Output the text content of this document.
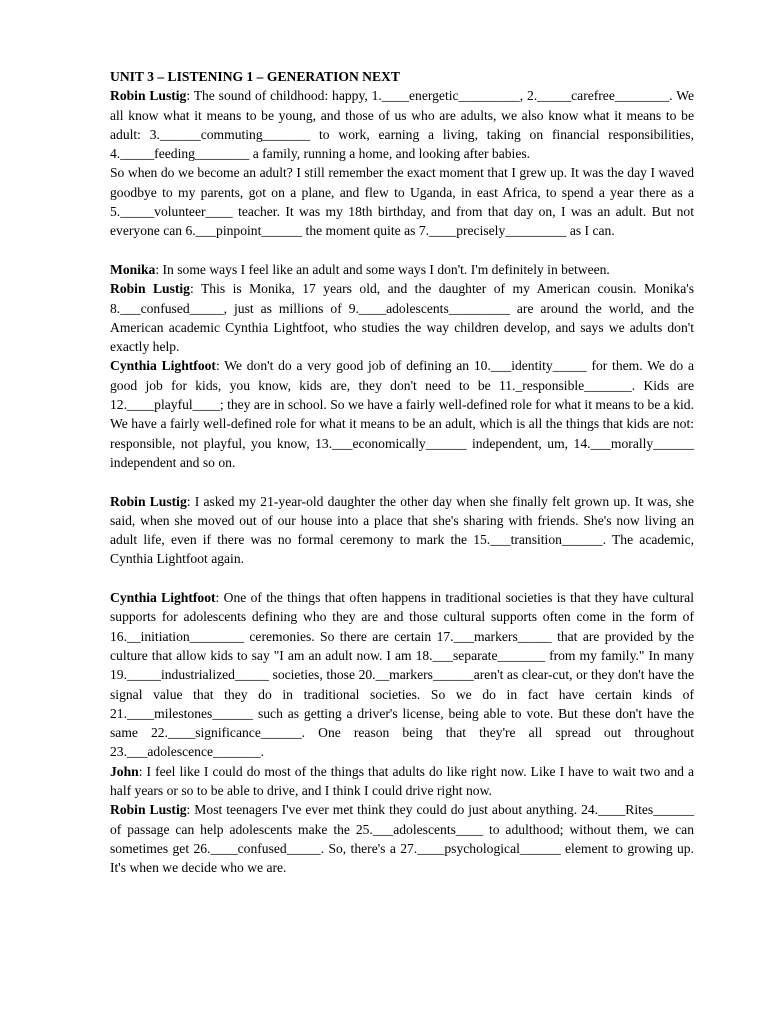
UNIT 3 – LISTENING 1 – GENERATION NEXT

Robin Lustig: The sound of childhood: happy, 1.____energetic_________, 2._____carefree________. We all know what it means to be young, and those of us who are adults, we also know what it means to be adult: 3.______commuting_______ to work, earning a living, taking on financial responsibilities, 4._____feeding________ a family, running a home, and looking after babies.

So when do we become an adult? I still remember the exact moment that I grew up. It was the day I waved goodbye to my parents, got on a plane, and flew to Uganda, in east Africa, to spend a year there as a 5._____volunteer____ teacher. It was my 18th birthday, and from that day on, I was an adult. But not everyone can 6.___pinpoint______ the moment quite as 7.____precisely_________ as I can.

Monika: In some ways I feel like an adult and some ways I don't. I'm definitely in between.

Robin Lustig: This is Monika, 17 years old, and the daughter of my American cousin. Monika's 8.___confused_____, just as millions of 9.____adolescents_________ are around the world, and the American academic Cynthia Lightfoot, who studies the way children develop, and says we adults don't exactly help.

Cynthia Lightfoot: We don't do a very good job of defining an 10.___identity_____ for them. We do a good job for kids, you know, kids are, they don't need to be 11._responsible_______. Kids are 12.____playful____; they are in school. So we have a fairly well-defined role for what it means to be a kid. We have a fairly well-defined role for what it means to be an adult, which is all the things that kids are not: responsible, not playful, you know, 13.___economically______ independent, um, 14.___morally______ independent and so on.

Robin Lustig: I asked my 21-year-old daughter the other day when she finally felt grown up. It was, she said, when she moved out of our house into a place that she's sharing with friends. She's now living an adult life, even if there was no formal ceremony to mark the 15.___transition______. The academic, Cynthia Lightfoot again.

Cynthia Lightfoot: One of the things that often happens in traditional societies is that they have cultural supports for adolescents defining who they are and those cultural supports often come in the form of 16.__initiation________ ceremonies. So there are certain 17.___markers_____ that are provided by the culture that allow kids to say "I am an adult now. I am 18.___separate_______ from my family." In many 19._____industrialized_____ societies, those 20.__markers______aren't as clear-cut, or they don't have the signal value that they do in traditional societies. So we do in fact have certain kinds of 21.____milestones______ such as getting a driver's license, being able to vote. But these don't have the same 22.____significance______. One reason being that they're all spread out throughout 23.___adolescence_______.

John: I feel like I could do most of the things that adults do like right now. Like I have to wait two and a half years or so to be able to drive, and I think I could drive right now.

Robin Lustig: Most teenagers I've ever met think they could do just about anything. 24.____Rites______ of passage can help adolescents make the 25.___adolescents____ to adulthood; without them, we can sometimes get 26.____confused_____. So, there's a 27.____psychological______ element to growing up. It's when we decide who we are.
